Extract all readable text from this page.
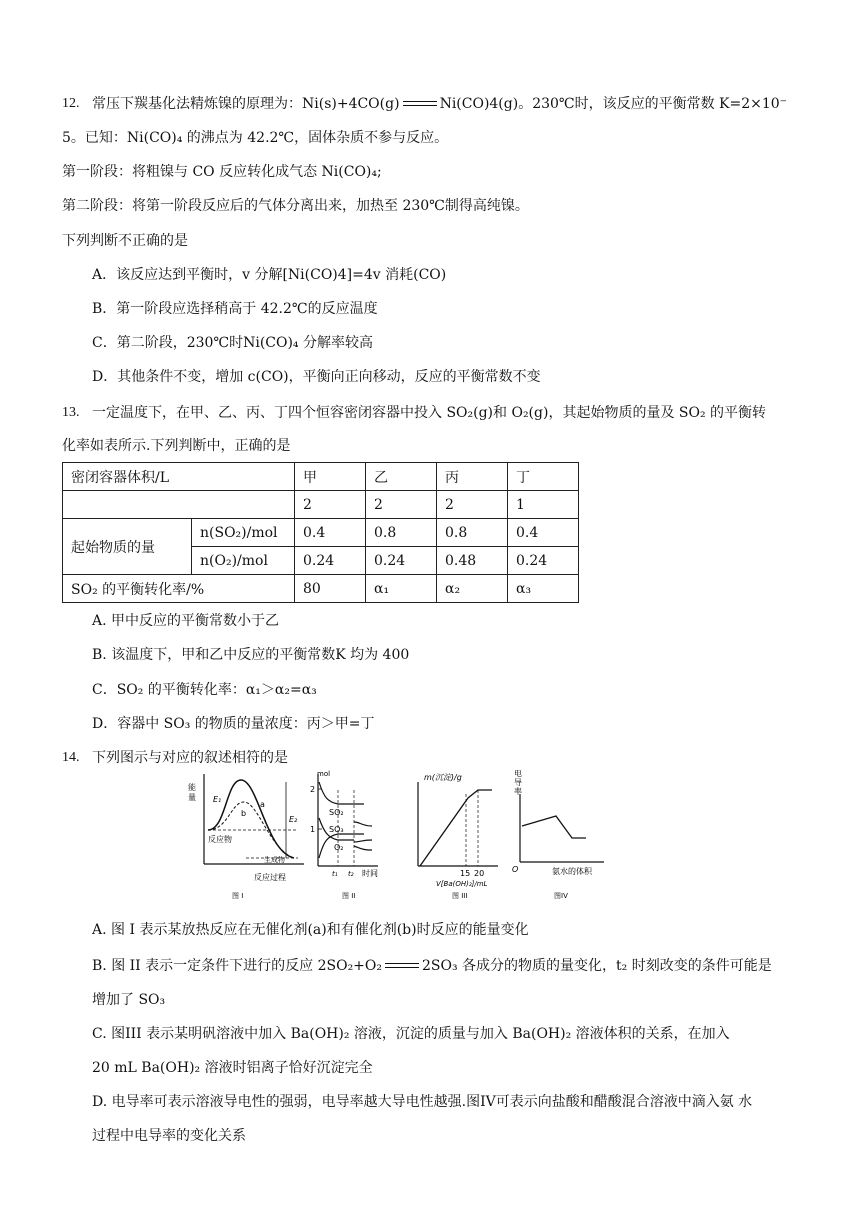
12. 常压下羰基化法精炼镍的原理为：Ni(s)+4CO(g)	Ni(CO)4(g)。230℃时，该反应的平衡常数 K=2×10⁻
5。已知：Ni(CO)₄ 的沸点为 42.2℃，固体杂质不参与反应。
第一阶段：将粗镍与 CO 反应转化成气态 Ni(CO)₄;
第二阶段：将第一阶段反应后的气体分离出来，加热至 230℃制得高纯镍。
下列判断不正确的是
A．该反应达到平衡时，v 分解[Ni(CO)4]=4v 消耗(CO)
B．第一阶段应选择稍高于 42.2℃的反应温度
C．第二阶段，230℃时Ni(CO)₄ 分解率较高
D．其他条件不变，增加 c(CO)，平衡向正向移动，反应的平衡常数不变
13. 一定温度下，在甲、乙、丙、丁四个恒容密闭容器中投入 SO₂(g)和 O₂(g)，其起始物质的量及 SO₂ 的平衡转
化率如表所示.下列判断中，正确的是
密闭容器体积/L		甲	乙	丙	丁
		2	2	2	1
起始物质的量	n(SO₂)/mol	0.4	0.8	0.8	0.4
	n(O₂)/mol	0.24	0.24	0.48	0.24
SO₂ 的平衡转化率/%		80	α₁	α₂	α₃
A. 甲中反应的平衡常数小于乙
B. 该温度下，甲和乙中反应的平衡常数K 均为 400
C．SO₂ 的平衡转化率：α₁＞α₂=α₃
D．容器中 SO₃ 的物质的量浓度：丙＞甲=丁
14. 下列图示与对应的叙述相符的是
能
量 E₁
E₂
a
b
反应物
生成物
反应过程
图 I
mol
2
1
SO₂
SO₃
O₂
t₁ t₂ 时间
图 II
m(沉淀)/g
15 20
V[Ba(OH)₂]/mL
图 III
电
导
率
O	氨水的体积
图IV
A. 图 I 表示某放热反应在无催化剂(a)和有催化剂(b)时反应的能量变化
B. 图 II 表示一定条件下进行的反应 2SO₂+O₂	2SO₃ 各成分的物质的量变化，t₂ 时刻改变的条件可能是
增加了 SO₃
C. 图III 表示某明矾溶液中加入 Ba(OH)₂ 溶液，沉淀的质量与加入 Ba(OH)₂ 溶液体积的关系，在加入
20 mL Ba(OH)₂ 溶液时铝离子恰好沉淀完全
D. 电导率可表示溶液导电性的强弱，电导率越大导电性越强.图IV可表示向盐酸和醋酸混合溶液中滴入氨 水
过程中电导率的变化关系
